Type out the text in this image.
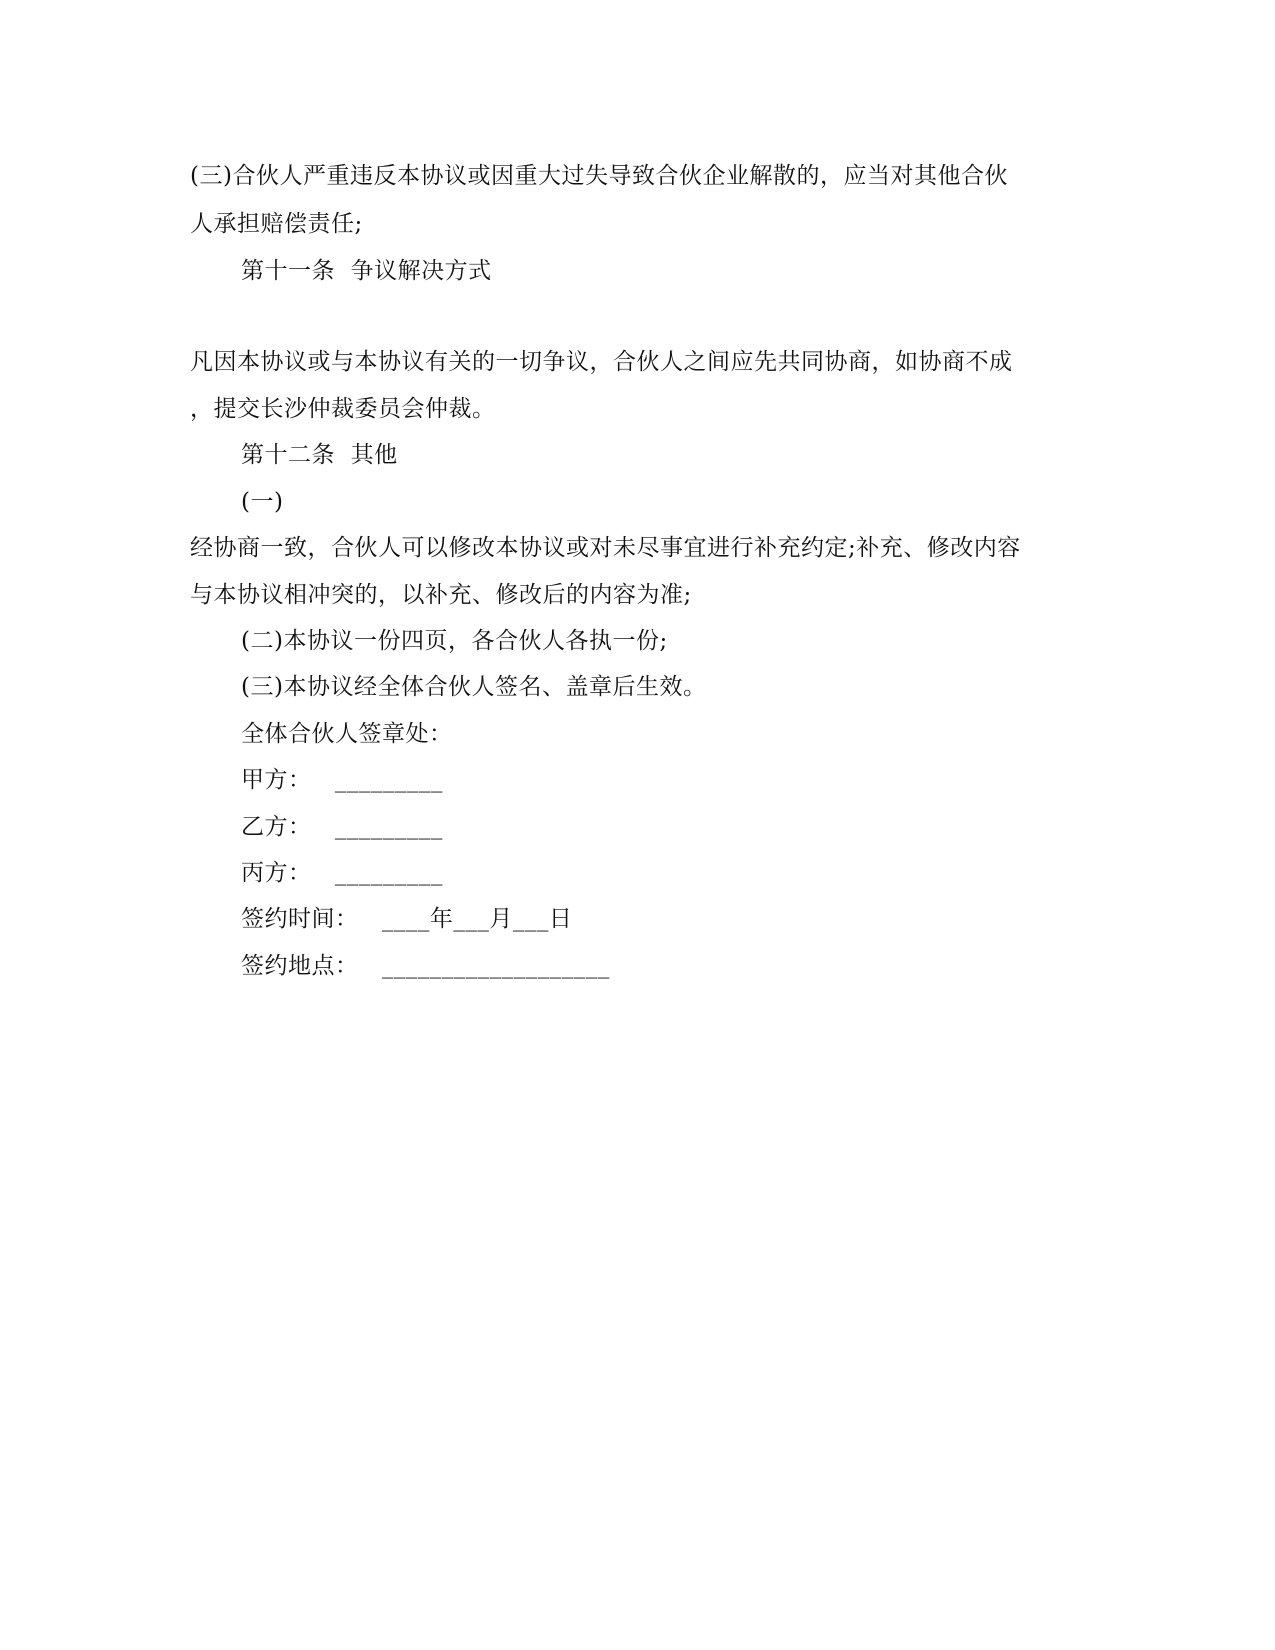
(三)合伙人严重违反本协议或因重大过失导致合伙企业解散的，应当对其他合伙
人承担赔偿责任;
第十一条  争议解决方式
凡因本协议或与本协议有关的一切争议，合伙人之间应先共同协商，如协商不成
，提交长沙仲裁委员会仲裁。
第十二条  其他
(一)
经协商一致，合伙人可以修改本协议或对未尽事宜进行补充约定;补充、修改内容
与本协议相冲突的，以补充、修改后的内容为准;
(二)本协议一份四页，各合伙人各执一份;
(三)本协议经全体合伙人签名、盖章后生效。
全体合伙人签章处：
甲方：   _________
乙方：   _________
丙方：   _________
签约时间：   ____年___月___日
签约地点：   ___________________
